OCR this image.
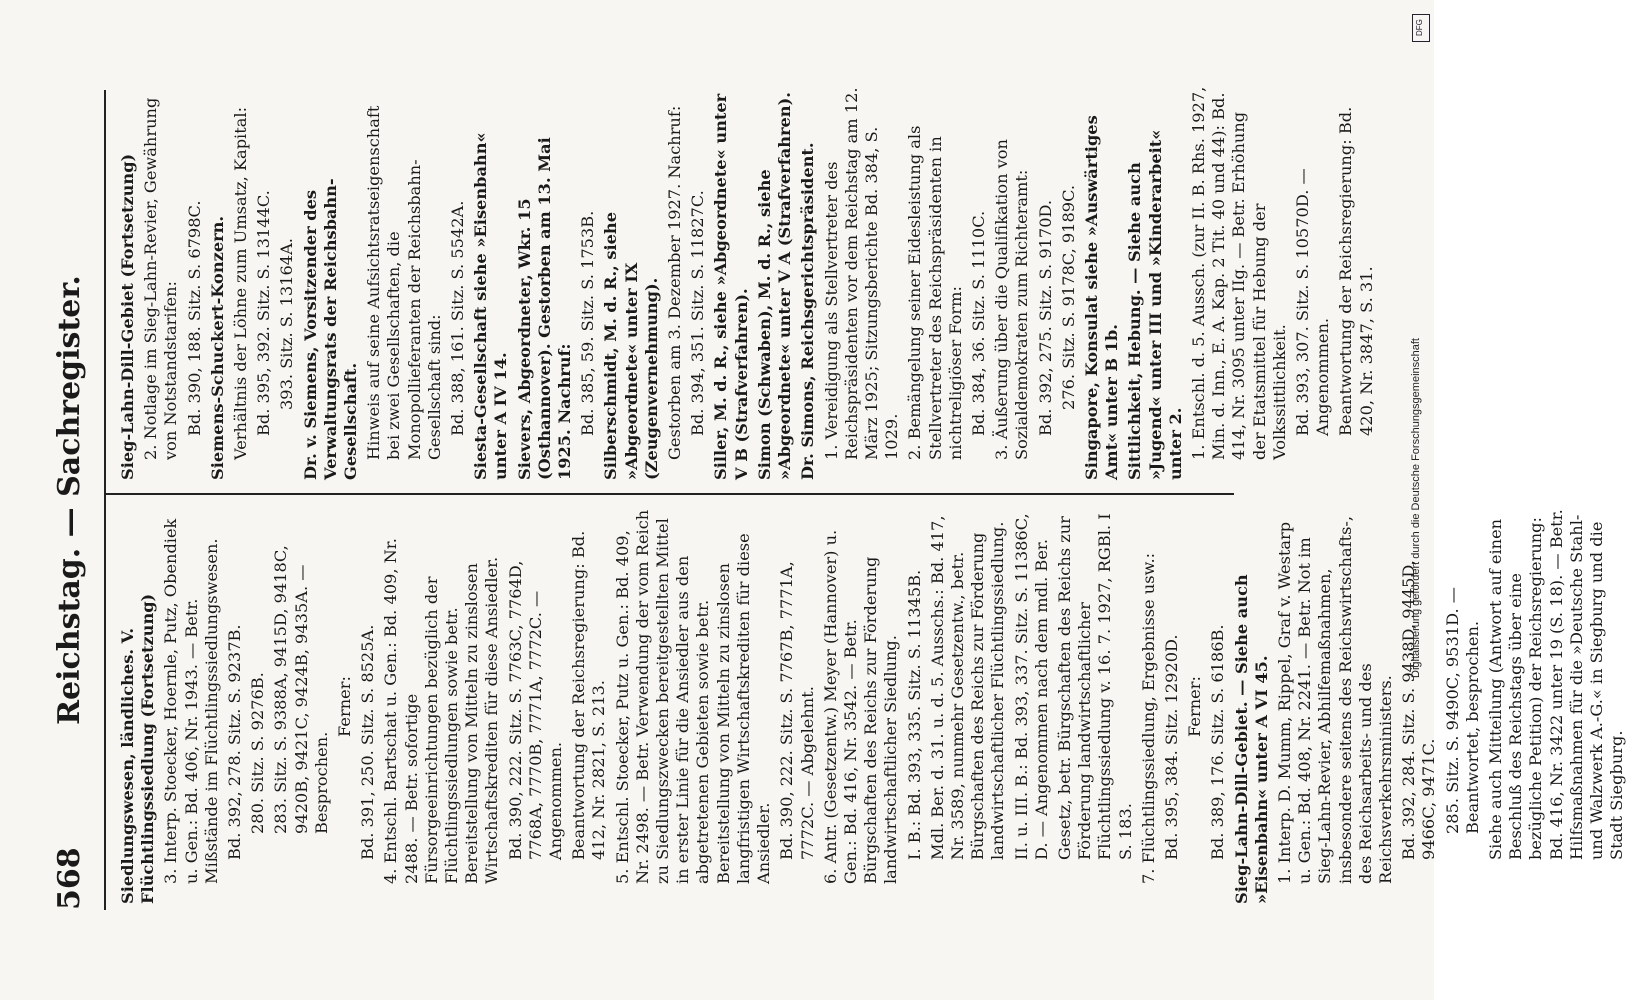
568
Reichstag. — Sachregister.

Siedlungswesen, ländliches. V. Flüchtlingssiedlung (Fortsetzung) 3. Interp. Stoecker, Hoernle, Putz, Obendiek u. Gen.: Bd. 406, Nr. 1943. — Betr. Mißstände im Flüchtlingssiedlungswesen. Bd. 392, 278. Sitz. S. 9237B. 280. Sitz. S. 9276B. 283. Sitz. S. 9388A, 9415D, 9418C, 9420B, 9421C, 9424B, 9435A. — Besprochen.

Ferner: Bd. 391, 250. Sitz. S. 8525A. 4. Entschl. Bartschat u. Gen.: Bd. 409, Nr. 2488. — Betr. sofortige Fürsorgeeinrichtungen bezüglich der Flüchtlingssiedlungen sowie betr. Bereitstellung von Mitteln zu zinslosen Wirtschaftskrediten für diese Ansiedler. Bd. 390, 222. Sitz. S. 7763C, 7764D, 7768A, 7770B, 7771A, 7772C. — Angenommen. Beantwortung der Reichsregierung: Bd. 412, Nr. 2821, S. 213. 5. Entschl. Stoecker, Putz u. Gen.: Bd. 409, Nr. 2498. — Betr. Verwendung der vom Reich zu Siedlungszwecken bereitgestellten Mittel in erster Linie für die Ansiedler aus den abgetretenen Gebieten sowie betr. Bereitstellung von Mitteln zu zinslosen langfristigen Wirtschaftskrediten für diese Ansiedler. Bd. 390, 222. Sitz. S. 7767B, 7771A, 7772C. — Abgelehnt. 6. Antr. (Gesetzentw.) Meyer (Hannover) u. Gen.: Bd. 416, Nr. 3542. — Betr. Bürgschaften des Reichs zur Förderung landwirtschaftlicher Siedlung. I. B.: Bd. 393, 335. Sitz. S. 11345B. Mdl. Ber. d. 31. u. d. 5. Ausschs.: Bd. 417, Nr. 3589, nunmehr Gesetzentw., betr. Bürgschaften des Reichs zur Förderung landwirtschaftlicher Flüchtlingssiedlung. II. u. III. B.: Bd. 393, 337. Sitz. S. 11386C, D. — Angenommen nach dem mdl. Ber. Gesetz, betr. Bürgschaften des Reichs zur Förderung landwirtschaftlicher Flüchtlingssiedlung v. 16. 7. 1927, RGBl. I S. 183. 7. Flüchtlingssiedlung, Ergebnisse usw.: Bd. 395, 384. Sitz. 12920D. Ferner: Bd. 389, 176. Sitz. S. 6186B. Sieg-Lahn-Dill-Gebiet. — Siehe auch »Eisenbahn« unter A VI 45. 1. Interp. D. Mumm, Rippel, Graf v. Westarp u. Gen.: Bd. 408, Nr. 2241. — Betr. Not im Sieg-Lahn-Revier, Abhilfemaßnahmen, insbesondere seitens des Reichswirtschafts-, des Reichsarbeits- und des Reichsverkehrsministers. Bd. 392, 284. Sitz. S. 9438D, 9445D, 9466C, 9471C. 285. Sitz. S. 9490C, 9531D. — Beantwortet, besprochen. Siehe auch Mitteilung (Antwort auf einen Beschluß des Reichstags über eine bezügliche Petition) der Reichsregierung: Bd. 416, Nr. 3422 unter 19 (S. 18). — Betr. Hilfsmaßnahmen für die »Deutsche Stahl- und Walzwerk A.-G.« in Siegburg und die Stadt Siegburg.

Sieg-Lahn-Dill-Gebiet (Fortsetzung) 2. Notlage im Sieg-Lahn-Revier, Gewährung von Notstandstarifen: Bd. 390, 188. Sitz. S. 6798C. Siemens-Schuckert-Konzern. Verhältnis der Löhne zum Umsatz, Kapital: Bd. 395, 392. Sitz. S. 13144C. 393. Sitz. S. 13164A. Dr. v. Siemens, Vorsitzender des Verwaltungsrats der Reichsbahn-Gesellschaft. Hinweis auf seine Aufsichtsratseigenschaft bei zwei Gesellschaften, die Monopollieferanten der Reichsbahn-Gesellschaft sind: Bd. 388, 161. Sitz. S. 5542A. Siesta-Gesellschaft siehe »Eisenbahn« unter A IV 14. Sievers, Abgeordneter, Wkr. 15 (Osthannover). Gestorben am 13. Mai 1925. Nachruf: Bd. 385, 59. Sitz. S. 1753B. Silberschmidt, M. d. R., siehe »Abgeordnete« unter IX (Zeugenvernehmung). Gestorben am 3. Dezember 1927. Nachruf: Bd. 394, 351. Sitz. S. 11827C. Siller, M. d. R., siehe »Abgeordnete« unter V B (Strafverfahren). Simon (Schwaben), M. d. R., siehe »Abgeordnete« unter V A (Strafverfahren). Dr. Simons, Reichsgerichtspräsident. 1. Vereidigung als Stellvertreter des Reichspräsidenten vor dem Reichstag am 12. März 1925; Sitzungsberichte Bd. 384, S. 1029. 2. Bemängelung seiner Eidesleistung als Stellvertreter des Reichspräsidenten in nichtreligiöser Form: Bd. 384, 36. Sitz. S. 1110C. 3. Äußerung über die Qualifikation von Sozialdemokraten zum Richteramt: Bd. 392, 275. Sitz. S. 9170D. 276. Sitz. S. 9178C, 9189C. Singapore, Konsulat siehe »Auswärtiges Amt« unter B 1b. Sittlichkeit, Hebung. — Siehe auch »Jugend« unter III und »Kinderarbeit« unter 2. 1. Entschl. d. 5. Aussch. (zur II. B. Rhs. 1927, Min. d. Inn., E. A. Kap. 2 Tit. 40 und 44): Bd. 414, Nr. 3095 unter IIg. — Betr. Erhöhung der Etatsmittel für Hebung der Volkssittlichkeit. Bd. 393, 307. Sitz. S. 10570D. — Angenommen. Beantwortung der Reichsregierung: Bd. 420, Nr. 3847, S. 31.

DFG
Digitalisierung gefördert durch die Deutsche Forschungsgemeinschaft
